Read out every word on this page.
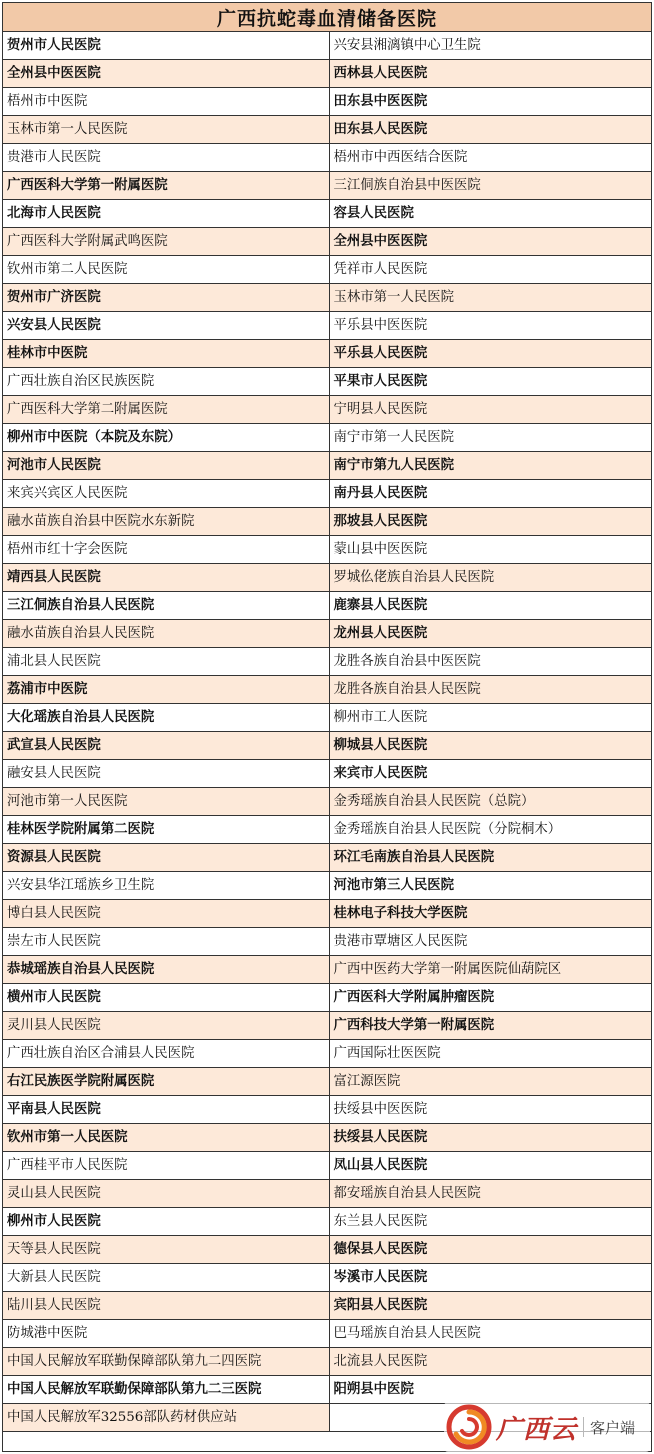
广西抗蛇毒血清储备医院
贺州市人民医院	兴安县湘漓镇中心卫生院
全州县中医医院	西林县人民医院
梧州市中医院	田东县中医医院
玉林市第一人民医院	田东县人民医院
贵港市人民医院	梧州市中西医结合医院
广西医科大学第一附属医院	三江侗族自治县中医医院
北海市人民医院	容县人民医院
广西医科大学附属武鸣医院	全州县中医医院
钦州市第二人民医院	凭祥市人民医院
贺州市广济医院	玉林市第一人民医院
兴安县人民医院	平乐县中医医院
桂林市中医院	平乐县人民医院
广西壮族自治区民族医院	平果市人民医院
广西医科大学第二附属医院	宁明县人民医院
柳州市中医院（本院及东院）	南宁市第一人民医院
河池市人民医院	南宁市第九人民医院
来宾兴宾区人民医院	南丹县人民医院
融水苗族自治县中医院水东新院	那坡县人民医院
梧州市红十字会医院	蒙山县中医医院
靖西县人民医院	罗城仫佬族自治县人民医院
三江侗族自治县人民医院	鹿寨县人民医院
融水苗族自治县人民医院	龙州县人民医院
浦北县人民医院	龙胜各族自治县中医医院
荔浦市中医院	龙胜各族自治县人民医院
大化瑶族自治县人民医院	柳州市工人医院
武宣县人民医院	柳城县人民医院
融安县人民医院	来宾市人民医院
河池市第一人民医院	金秀瑶族自治县人民医院（总院）
桂林医学院附属第二医院	金秀瑶族自治县人民医院（分院桐木）
资源县人民医院	环江毛南族自治县人民医院
兴安县华江瑶族乡卫生院	河池市第三人民医院
博白县人民医院	桂林电子科技大学医院
崇左市人民医院	贵港市覃塘区人民医院
恭城瑶族自治县人民医院	广西中医药大学第一附属医院仙葫院区
横州市人民医院	广西医科大学附属肿瘤医院
灵川县人民医院	广西科技大学第一附属医院
广西壮族自治区合浦县人民医院	广西国际壮医医院
右江民族医学院附属医院	富江源医院
平南县人民医院	扶绥县中医医院
钦州市第一人民医院	扶绥县人民医院
广西桂平市人民医院	凤山县人民医院
灵山县人民医院	都安瑶族自治县人民医院
柳州市人民医院	东兰县人民医院
天等县人民医院	德保县人民医院
大新县人民医院	岑溪市人民医院
陆川县人民医院	宾阳县人民医院
防城港中医院	巴马瑶族自治县人民医院
中国人民解放军联勤保障部队第九二四医院	北流县人民医院
中国人民解放军联勤保障部队第九二三医院	阳朔县中医院
中国人民解放军32556部队药材供应站		广西云 客户端
